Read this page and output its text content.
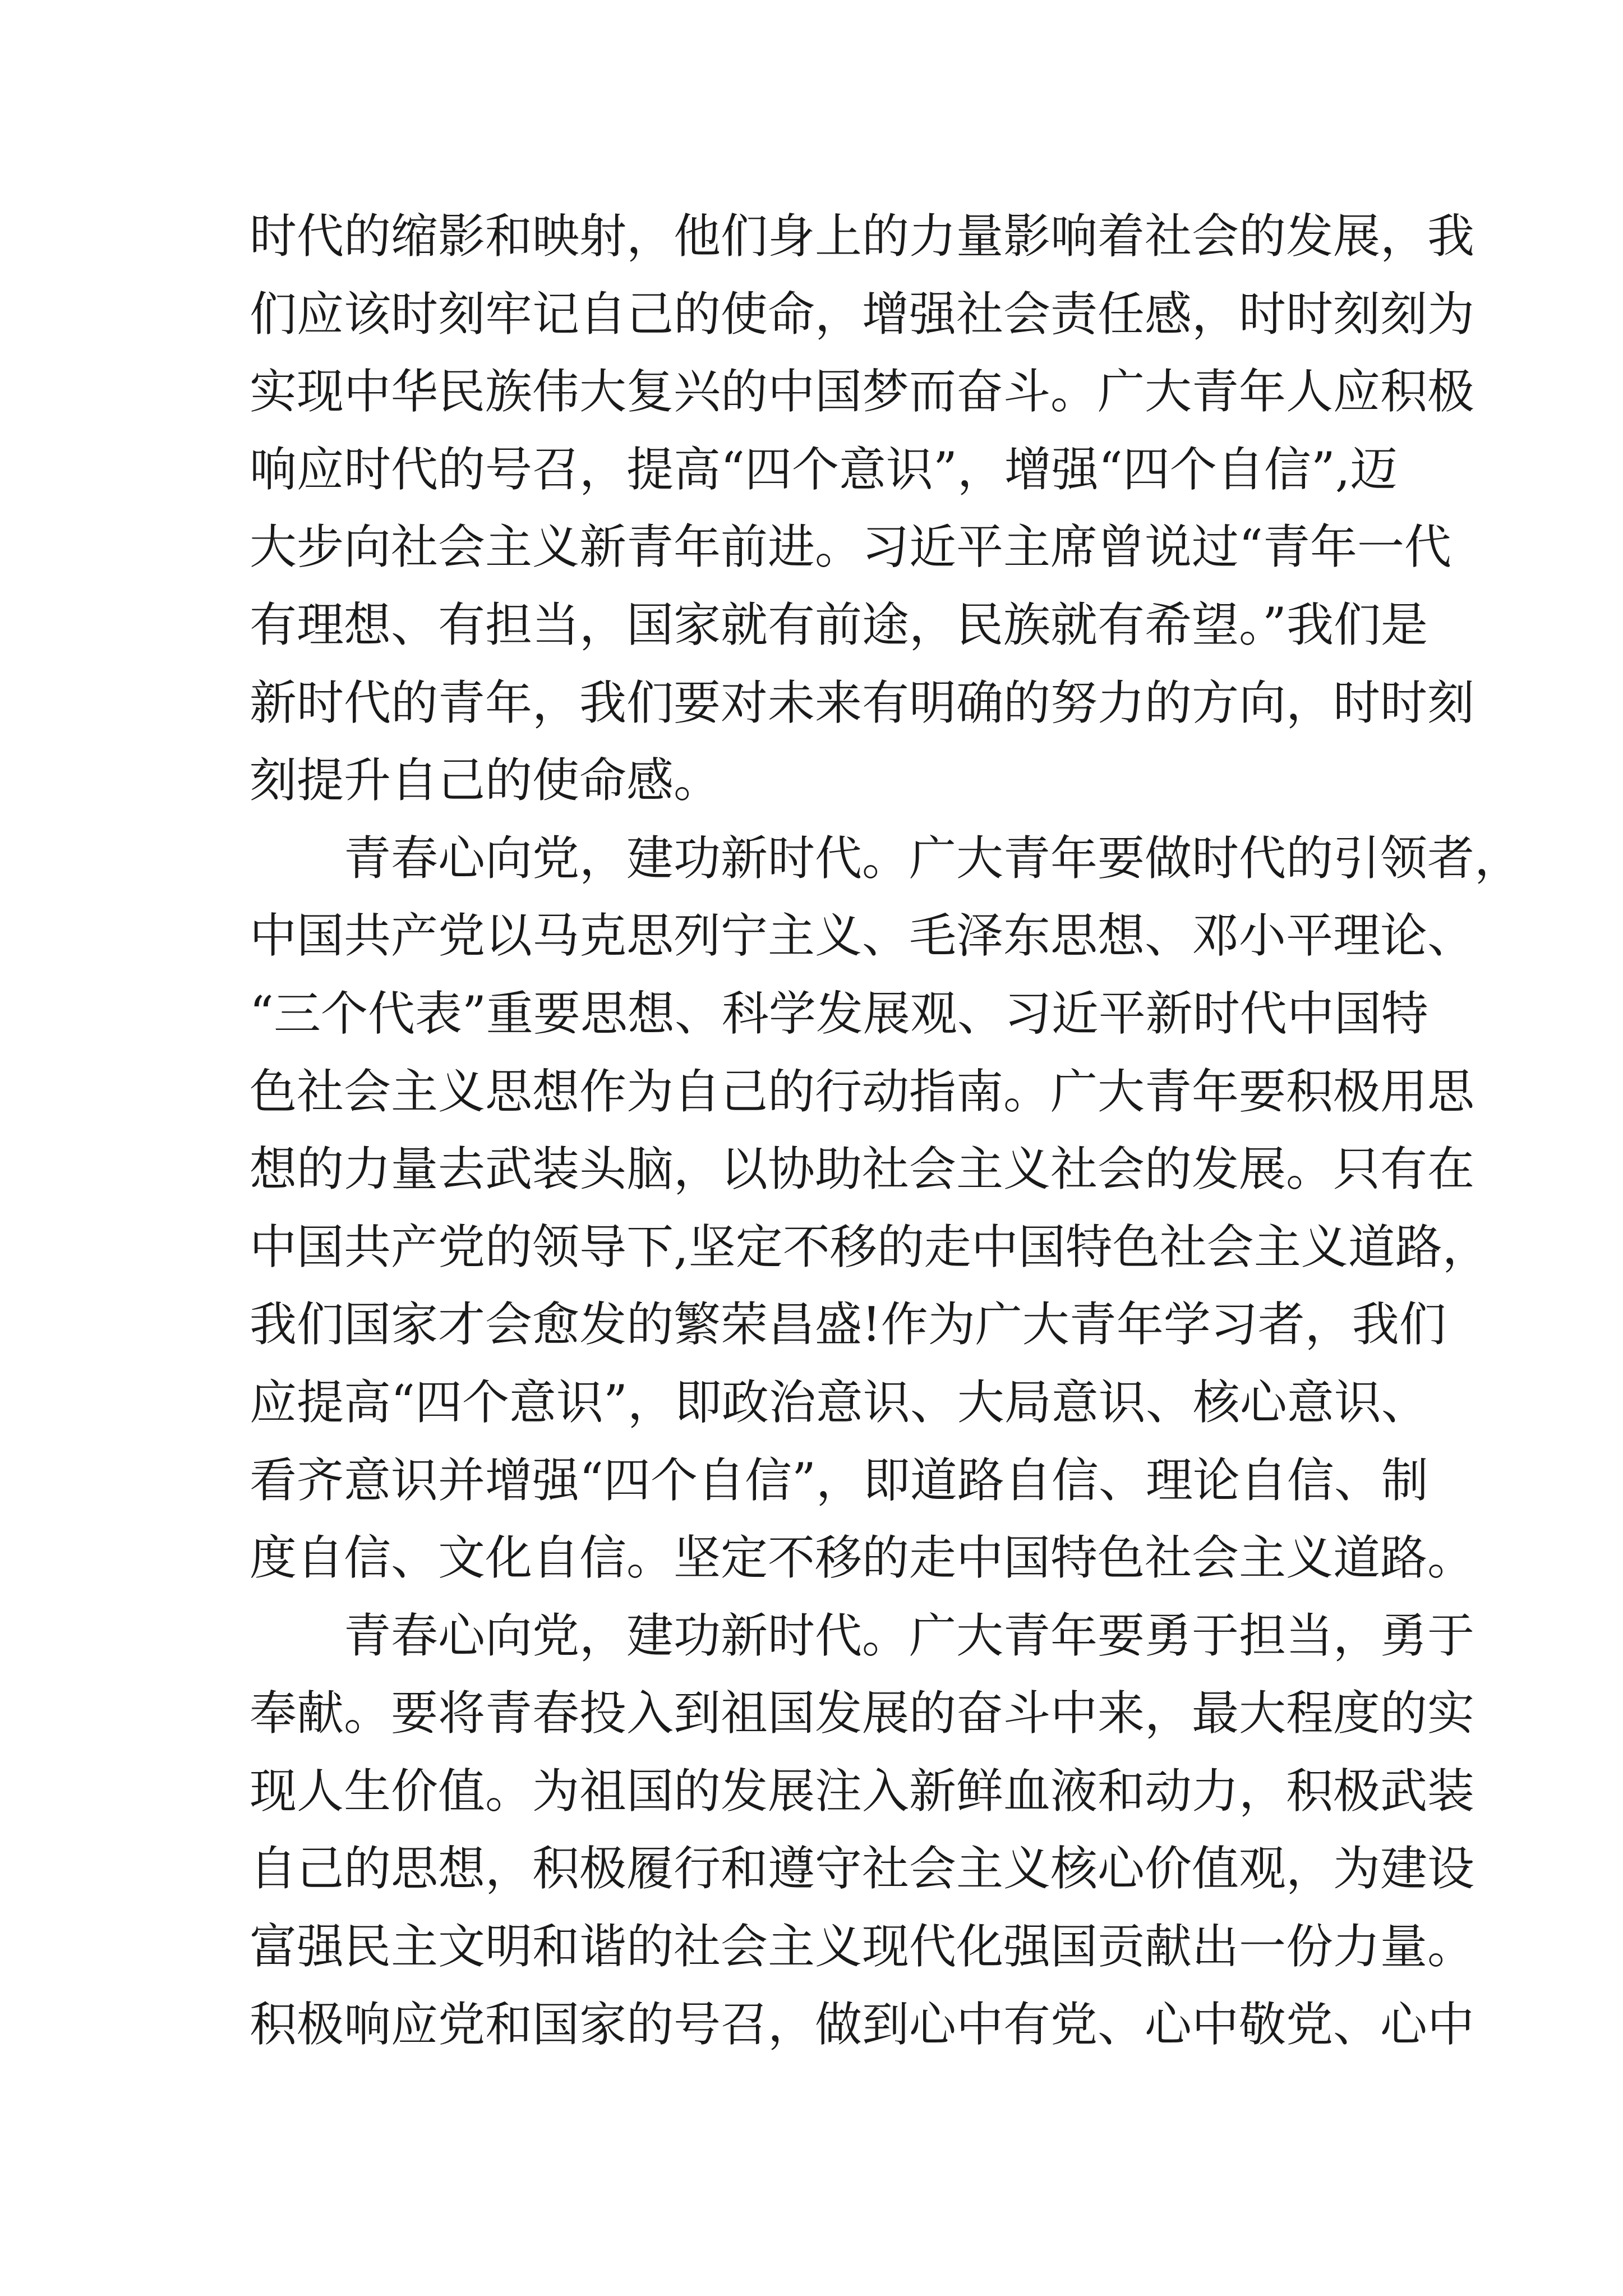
时代的缩影和映射，他们身上的力量影响着社会的发展，我
们应该时刻牢记自己的使命，增强社会责任感，时时刻刻为
实现中华民族伟大复兴的中国梦而奋斗。广大青年人应积极
响应时代的号召，提高“四个意识”，增强“四个自信”,迈
大步向社会主义新青年前进。习近平主席曾说过“青年一代
有理想、有担当，国家就有前途，民族就有希望。”我们是
新时代的青年，我们要对未来有明确的努力的方向，时时刻
刻提升自己的使命感。
　　青春心向党，建功新时代。广大青年要做时代的引领者，
中国共产党以马克思列宁主义、毛泽东思想、邓小平理论、
“三个代表”重要思想、科学发展观、习近平新时代中国特
色社会主义思想作为自己的行动指南。广大青年要积极用思
想的力量去武装头脑，以协助社会主义社会的发展。只有在
中国共产党的领导下,坚定不移的走中国特色社会主义道路，
我们国家才会愈发的繁荣昌盛!作为广大青年学习者，我们
应提高“四个意识”，即政治意识、大局意识、核心意识、
看齐意识并增强“四个自信”，即道路自信、理论自信、制
度自信、文化自信。坚定不移的走中国特色社会主义道路。
　　青春心向党，建功新时代。广大青年要勇于担当，勇于
奉献。要将青春投入到祖国发展的奋斗中来，最大程度的实
现人生价值。为祖国的发展注入新鲜血液和动力，积极武装
自己的思想，积极履行和遵守社会主义核心价值观，为建设
富强民主文明和谐的社会主义现代化强国贡献出一份力量。
积极响应党和国家的号召，做到心中有党、心中敬党、心中
